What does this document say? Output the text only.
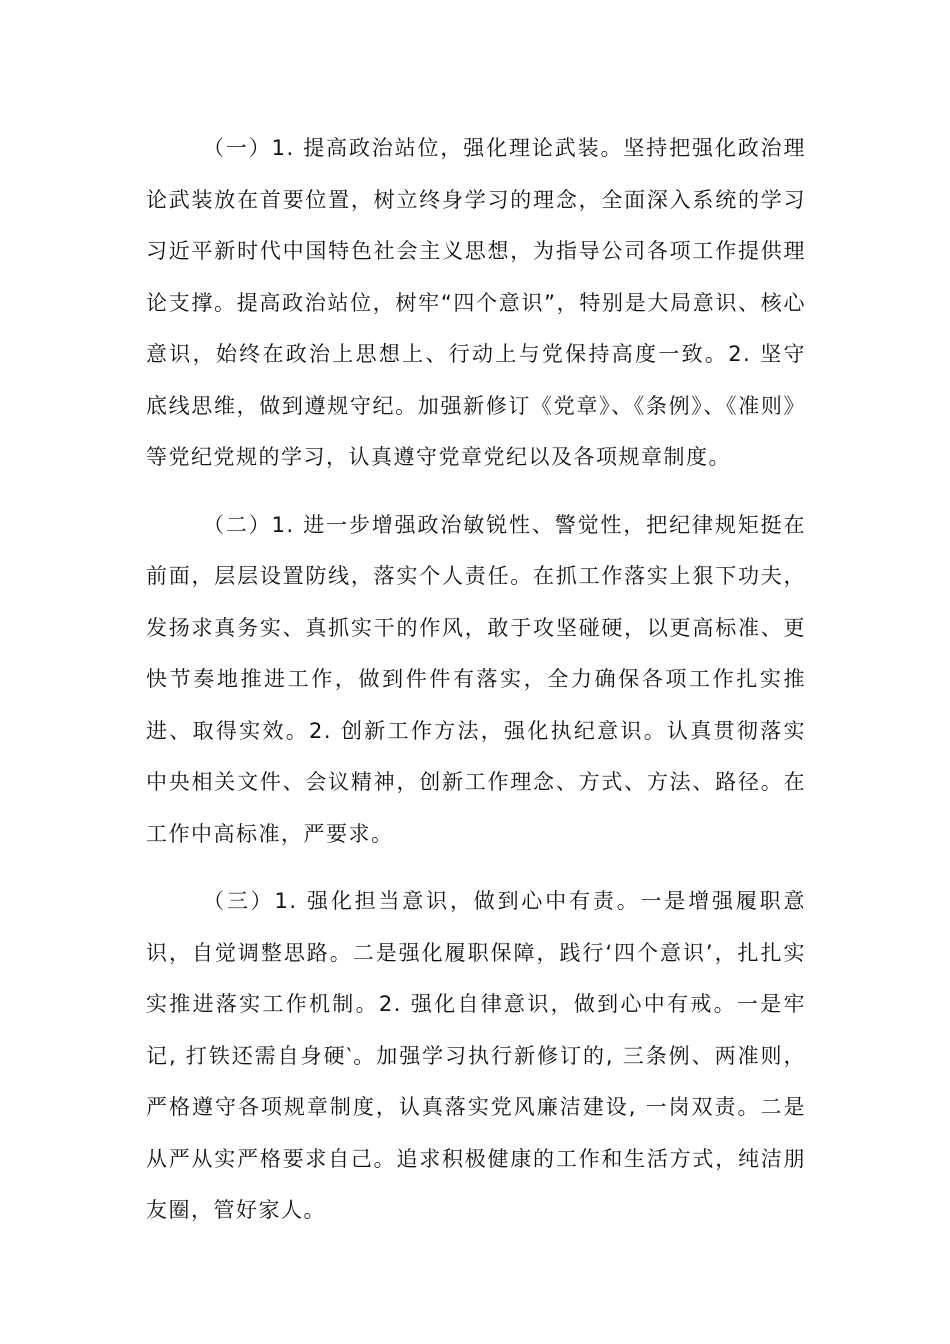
（一）1. 提高政治站位，强化理论武装。坚持把强化政治理论武装放在首要位置，树立终身学习的理念，全面深入系统的学习习近平新时代中国特色社会主义思想，为指导公司各项工作提供理论支撑。提高政治站位，树牢“四个意识”，特别是大局意识、核心意识，始终在政治上思想上、行动上与党保持高度一致。2. 坚守底线思维，做到遵规守纪。加强新修订《党章》、《条例》、《准则》等党纪党规的学习，认真遵守党章党纪以及各项规章制度。

（二）1. 进一步增强政治敏锐性、警觉性，把纪律规矩挺在前面，层层设置防线，落实个人责任。在抓工作落实上狠下功夫，发扬求真务实、真抓实干的作风，敢于攻坚碰硬，以更高标准、更快节奏地推进工作，做到件件有落实，全力确保各项工作扎实推进、取得实效。2. 创新工作方法，强化执纪意识。认真贯彻落实中央相关文件、会议精神，创新工作理念、方式、方法、路径。在工作中高标准，严要求。

（三）1. 强化担当意识，做到心中有责。一是增强履职意识，自觉调整思路。二是强化履职保障，践行‘四个意识’，扎扎实实推进落实工作机制。2. 强化自律意识，做到心中有戒。一是牢记, 打铁还需自身硬‵。加强学习执行新修订的, 三条例、两准则，严格遵守各项规章制度，认真落实党风廉洁建设, 一岗双责。二是从严从实严格要求自己。追求积极健康的工作和生活方式，纯洁朋友圈，管好家人。
